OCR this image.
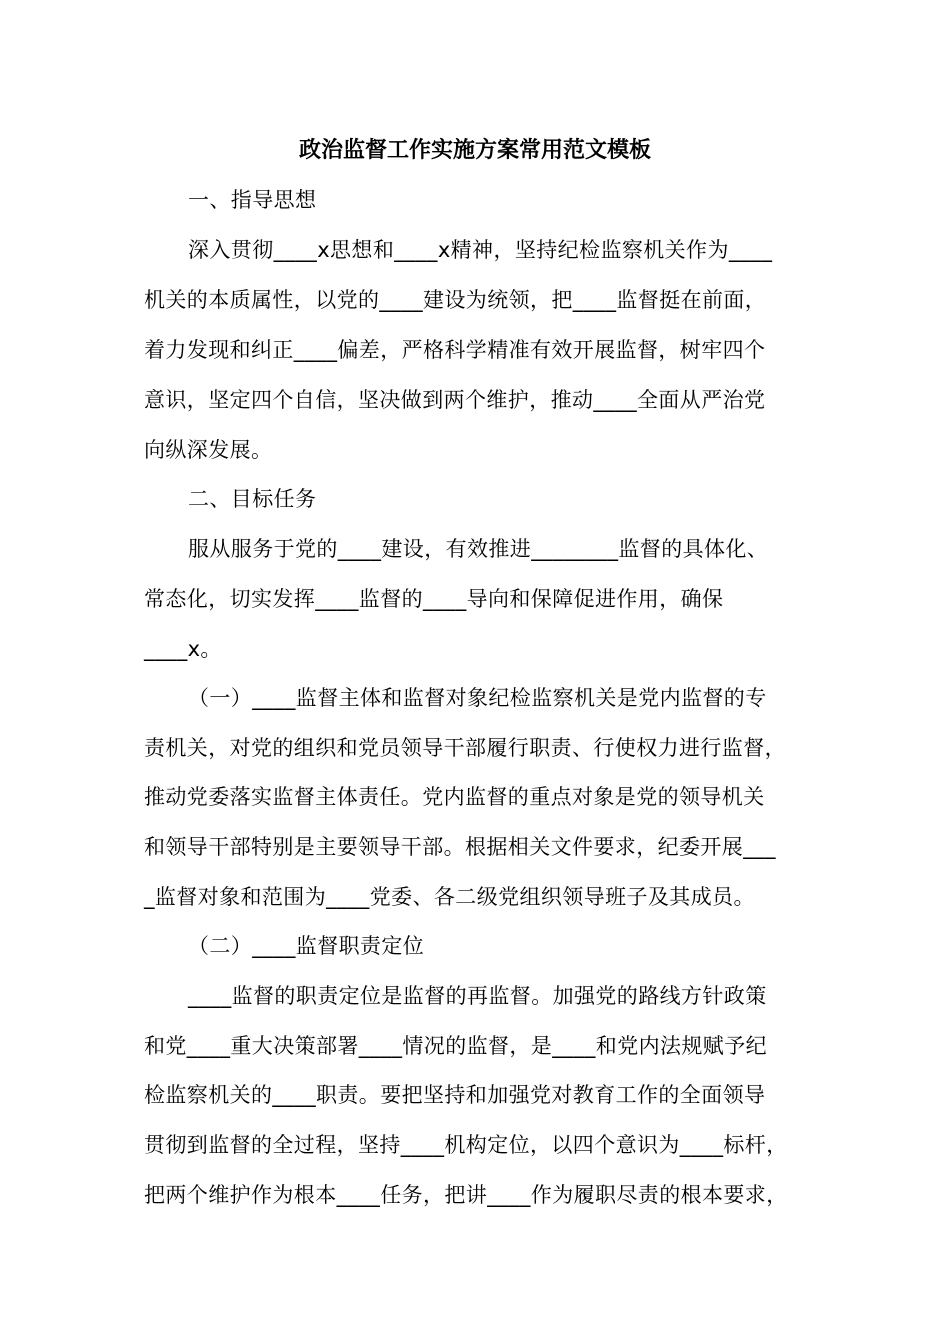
政治监督工作实施方案常用范文模板
一、指导思想
深入贯彻____x思想和____x精神，坚持纪检监察机关作为____
机关的本质属性，以党的____建设为统领，把____监督挺在前面，
着力发现和纠正____偏差，严格科学精准有效开展监督，树牢四个
意识，坚定四个自信，坚决做到两个维护，推动____全面从严治党
向纵深发展。
二、目标任务
服从服务于党的____建设，有效推进________监督的具体化、
常态化，切实发挥____监督的____导向和保障促进作用，确保
____x。
（一）____监督主体和监督对象纪检监察机关是党内监督的专
责机关，对党的组织和党员领导干部履行职责、行使权力进行监督，
推动党委落实监督主体责任。党内监督的重点对象是党的领导机关
和领导干部特别是主要领导干部。根据相关文件要求，纪委开展___
_监督对象和范围为____党委、各二级党组织领导班子及其成员。
（二）____监督职责定位
____监督的职责定位是监督的再监督。加强党的路线方针政策
和党____重大决策部署____情况的监督，是____和党内法规赋予纪
检监察机关的____职责。要把坚持和加强党对教育工作的全面领导
贯彻到监督的全过程，坚持____机构定位，以四个意识为____标杆，
把两个维护作为根本____任务，把讲____作为履职尽责的根本要求，
